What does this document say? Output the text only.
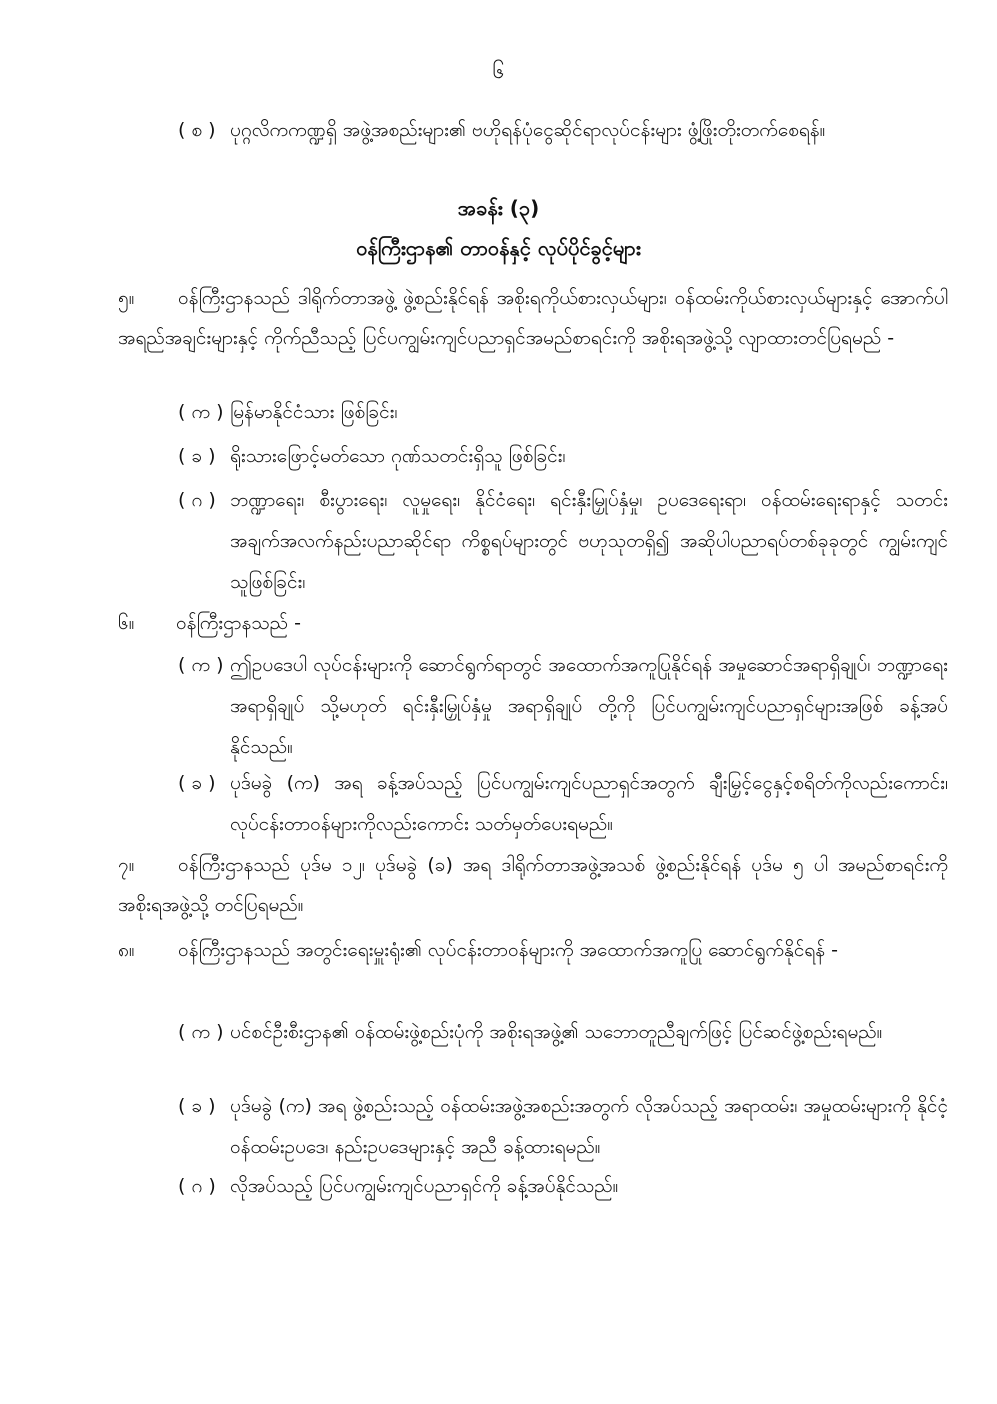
၆
( စ ) ပုဂ္ဂလိကကဏ္ဍရှိ အဖွဲ့အစည်းများ၏ ဗဟိုရန်ပုံငွေဆိုင်ရာလုပ်ငန်းများ ဖွံ့ဖြိုးတိုးတက်စေရန်။
အခန်း (၃)
ဝန်ကြီးဌာန၏ တာဝန်နှင့် လုပ်ပိုင်ခွင့်များ
ဝန်ကြီးဌာနသည် ဒါရိုက်တာအဖွဲ့ ဖွဲ့စည်းနိုင်ရန် အစိုးရကိုယ်စားလှယ်များ၊ ဝန်ထမ်းကိုယ်စားလှယ်များနှင့် အောက်ပါအရည်အချင်းများနှင့် ကိုက်ညီသည့် ပြင်ပကျွမ်းကျင်ပညာရှင်အမည်စာရင်းကို အစိုးရအဖွဲ့သို့ လျာထားတင်ပြရမည် -
၅။
( က ) မြန်မာနိုင်ငံသား ဖြစ်ခြင်း၊
( ခ ) ရိုးသားဖြောင့်မတ်သော ဂုဏ်သတင်းရှိသူ ဖြစ်ခြင်း၊
( ဂ ) ဘဏ္ဍာရေး၊ စီးပွားရေး၊ လူမှုရေး၊ နိုင်ငံရေး၊ ရင်းနှီးမြှုပ်နှံမှု၊ ဥပဒေရေးရာ၊ ဝန်ထမ်းရေးရာနှင့် သတင်းအချက်အလက်နည်းပညာဆိုင်ရာ ကိစ္စရပ်များတွင် ဗဟုသုတရှိ၍ အဆိုပါပညာရပ်တစ်ခုခုတွင် ကျွမ်းကျင်သူဖြစ်ခြင်း၊
၆။ ဝန်ကြီးဌာနသည် -
( က ) ဤဥပဒေပါ လုပ်ငန်းများကို ဆောင်ရွက်ရာတွင် အထောက်အကူပြုနိုင်ရန် အမှုဆောင်အရာရှိချုပ်၊ ဘဏ္ဍာရေး အရာရှိချုပ် သို့မဟုတ် ရင်းနှီးမြှုပ်နှံမှု အရာရှိချုပ် တို့ကို ပြင်ပကျွမ်းကျင်ပညာရှင်များအဖြစ် ခန့်အပ်နိုင်သည်။
( ခ ) ပုဒ်မခွဲ (က) အရ ခန့်အပ်သည့် ပြင်ပကျွမ်းကျင်ပညာရှင်အတွက် ချီးမြှင့်ငွေနှင့်စရိတ်ကိုလည်းကောင်း၊ လုပ်ငန်းတာဝန်များကိုလည်းကောင်း သတ်မှတ်ပေးရမည်။
ဝန်ကြီးဌာနသည် ပုဒ်မ ၁၂၊ ပုဒ်မခွဲ (ခ) အရ ဒါရိုက်တာအဖွဲ့အသစ် ဖွဲ့စည်းနိုင်ရန် ပုဒ်မ ၅ ပါ အမည်စာရင်းကို အစိုးရအဖွဲ့သို့ တင်ပြရမည်။
၇။
ဝန်ကြီးဌာနသည် အတွင်းရေးမှူးရုံး၏ လုပ်ငန်းတာဝန်များကို အထောက်အကူပြု ဆောင်ရွက်နိုင်ရန် -
၈။
( က ) ပင်စင်ဦးစီးဌာန၏ ဝန်ထမ်းဖွဲ့စည်းပုံကို အစိုးရအဖွဲ့၏ သဘောတူညီချက်ဖြင့် ပြင်ဆင်ဖွဲ့စည်းရမည်။
( ခ ) ပုဒ်မခွဲ (က) အရ ဖွဲ့စည်းသည့် ဝန်ထမ်းအဖွဲ့အစည်းအတွက် လိုအပ်သည့် အရာထမ်း၊ အမှုထမ်းများကို နိုင်ငံ့ဝန်ထမ်းဥပဒေ၊ နည်းဥပဒေများနှင့် အညီ ခန့်ထားရမည်။
( ဂ ) လိုအပ်သည့် ပြင်ပကျွမ်းကျင်ပညာရှင်ကို ခန့်အပ်နိုင်သည်။
